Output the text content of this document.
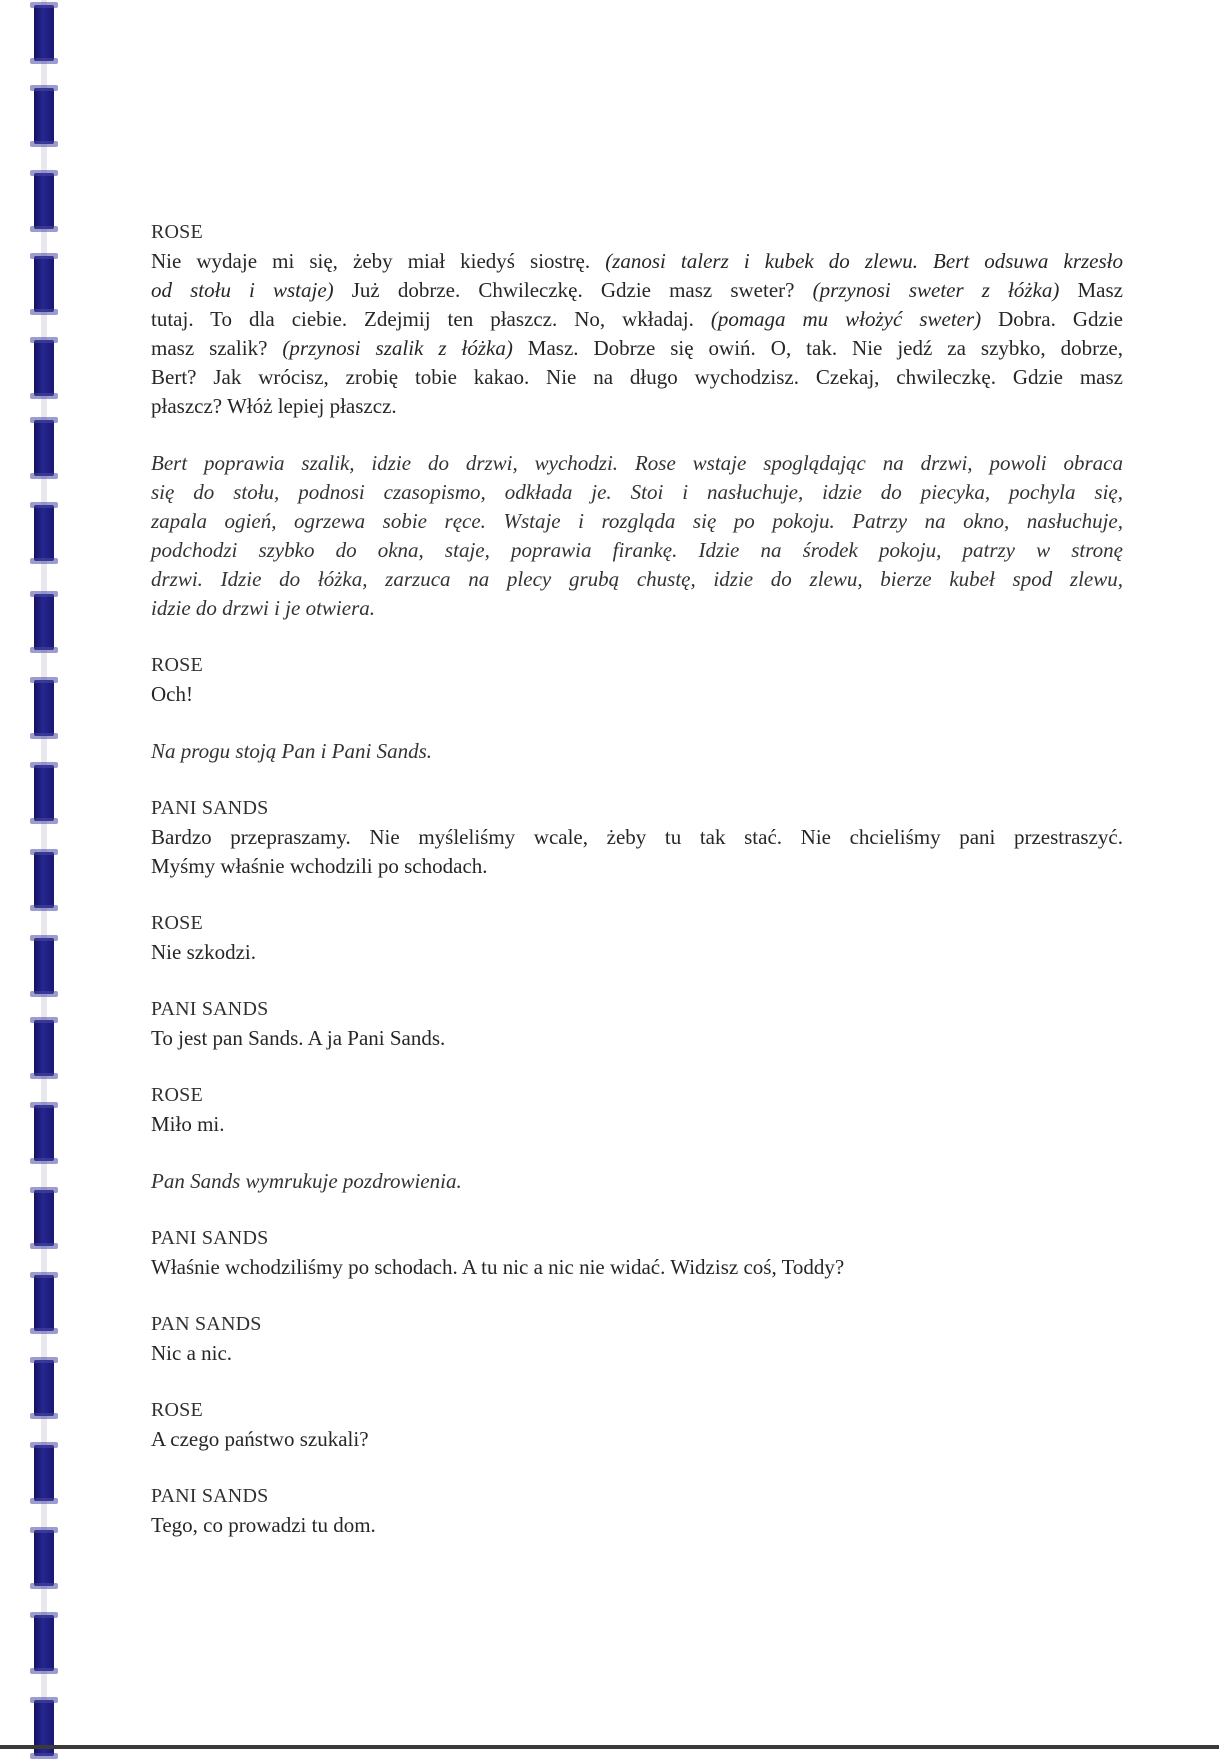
ROSE
Nie wydaje mi się, żeby miał kiedyś siostrę. (zanosi talerz i kubek do zlewu. Bert odsuwa krzesło
od stołu i wstaje) Już dobrze. Chwileczkę. Gdzie masz sweter? (przynosi sweter z łóżka) Masz
tutaj. To dla ciebie. Zdejmij ten płaszcz. No, wkładaj. (pomaga mu włożyć sweter) Dobra. Gdzie
masz szalik? (przynosi szalik z łóżka) Masz. Dobrze się owiń. O, tak. Nie jedź za szybko, dobrze,
Bert? Jak wrócisz, zrobię tobie kakao. Nie na długo wychodzisz. Czekaj, chwileczkę. Gdzie masz
płaszcz? Włóż lepiej płaszcz.
Bert poprawia szalik, idzie do drzwi, wychodzi. Rose wstaje spoglądając na drzwi, powoli obraca
się do stołu, podnosi czasopismo, odkłada je. Stoi i nasłuchuje, idzie do piecyka, pochyla się,
zapala ogień, ogrzewa sobie ręce. Wstaje i rozgląda się po pokoju. Patrzy na okno, nasłuchuje,
podchodzi szybko do okna, staje, poprawia firankę. Idzie na środek pokoju, patrzy w stronę
drzwi. Idzie do łóżka, zarzuca na plecy grubą chustę, idzie do zlewu, bierze kubeł spod zlewu,
idzie do drzwi i je otwiera.
ROSE
Och!
Na progu stoją Pan i Pani Sands.
PANI SANDS
Bardzo przepraszamy. Nie myśleliśmy wcale, żeby tu tak stać. Nie chcieliśmy pani przestraszyć.
Myśmy właśnie wchodzili po schodach.
ROSE
Nie szkodzi.
PANI SANDS
To jest pan Sands. A ja Pani Sands.
ROSE
Miło mi.
Pan Sands wymrukuje pozdrowienia.
PANI SANDS
Właśnie wchodziliśmy po schodach. A tu nic a nic nie widać. Widzisz coś, Toddy?
PAN SANDS
Nic a nic.
ROSE
A czego państwo szukali?
PANI SANDS
Tego, co prowadzi tu dom.
